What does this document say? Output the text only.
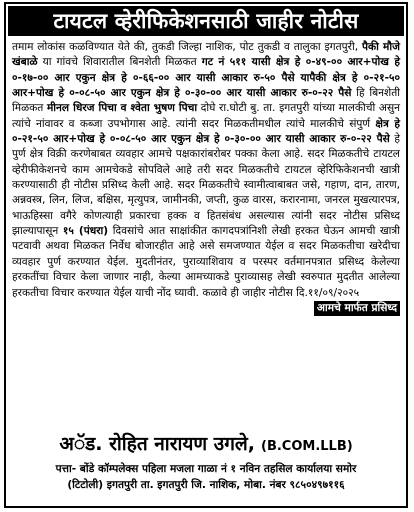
टायटल व्हेरीफिकेशनसाठी जाहीर नोटीस

तमाम लोकांस कळविण्यात येते की, तुकडी जिल्हा नाशिक, पोट तुकडी व तालुका इगतपुरी, पैकी मौजे खंबाळे या गांवचे शिवारातील बिनशेती मिळकत गट नं ५११ यासी क्षेत्र हे ०-४९-०० आर+पोख हे ०-१७-०० आर एकुन क्षेत्र हे ०-६६-०० आर यासी आकार रु-५० पैसे यापैकी क्षेत्र हे ०-२१-५० आर+पोख हे ०-०८-५० आर एकुन क्षेत्र हे ०-३०-०० आर यासी आकार रु-०-२२ पैसे हि बिनशेती मिळकत मीनल धिरज पिचा व श्वेता भुषण पिचा दोघे रा.घोटी बु. ता. इगतपुरी यांच्या मालकीची असुन त्यांचे नांवावर व कब्जा उपभोगास आहे. त्यांनी सदर मिळकतीमधील त्यांचे मालकीचे संपुर्ण क्षेत्र हे ०-२१-५० आर+पोख हे ०-०८-५० आर एकुन क्षेत्र हे ०-३०-०० आर यासी आकार रु-०-२२ पैसे हे पुर्ण क्षेत्र विक्री करणेबाबत व्यवहार आमचे पक्षकारांबरोबर पक्का केला आहे. सदर मिळकतीचे टायटल व्हेरीफीकेशनचे काम आमचेकडे सोपविले आहे तरी सदर मिळकतीचे टायटल व्हेरिफिकेशनची खात्री करण्यासाठी ही नोटीस प्रसिध्द केली आहे. सदर मिळकतीचे स्वामीत्वाबाबत जसे, गहाण, दान, तारण, अन्नवस्त्र, लिन, लिज, बक्षिस, मृत्युपत्र, जामीनकी, जप्ती, कुळ वारस, करारनामा, जनरल मुखत्यारपत्र, भाऊहिस्सा वगैरे कोणत्याही प्रकारचा हक्क व हितसंबंध असल्यास त्यांनी सदर नोटीस प्रसिध्द झाल्यापासून १५ (पंधरा) दिवसांचे आत साक्षांकीत कागदपत्रांनिशी लेखी हरकत घेऊन आमची खात्री पटवावी अथवा मिळकत निर्वेध बोजारहीत आहे असे समजण्यात येईल व सदर मिळकतीचा खरेदीचा व्यवहार पुर्ण करण्यात येईल. मुदतीनंतर, पुराव्याशिवाय व परस्पर वर्तमानपत्रात प्रसिध्द केलेल्या हरकतींचा विचार केला जाणार नाही, केल्या आमच्याकडे पुराव्यासह लेखी स्वरुपात मुदतीत आलेल्या हरकतीचा विचार करण्यात येईल याची नोंद घ्यावी. कळावे ही जाहीर नोटीस दि.११/०९/२०२५

आमचे मार्फत प्रसिध्द
अॅड. रोहित नारायण उगले, (B.COM.LLB)
पत्ता- बोंडे कॉम्पलेक्स पहिला मजला गाळा नं १ नविन तहसिल कार्यालया समोर
(टिटोली) इगतपुरी ता. इगतपुरी जि. नाशिक, मोबा. नंबर ९८५०४९७११६
